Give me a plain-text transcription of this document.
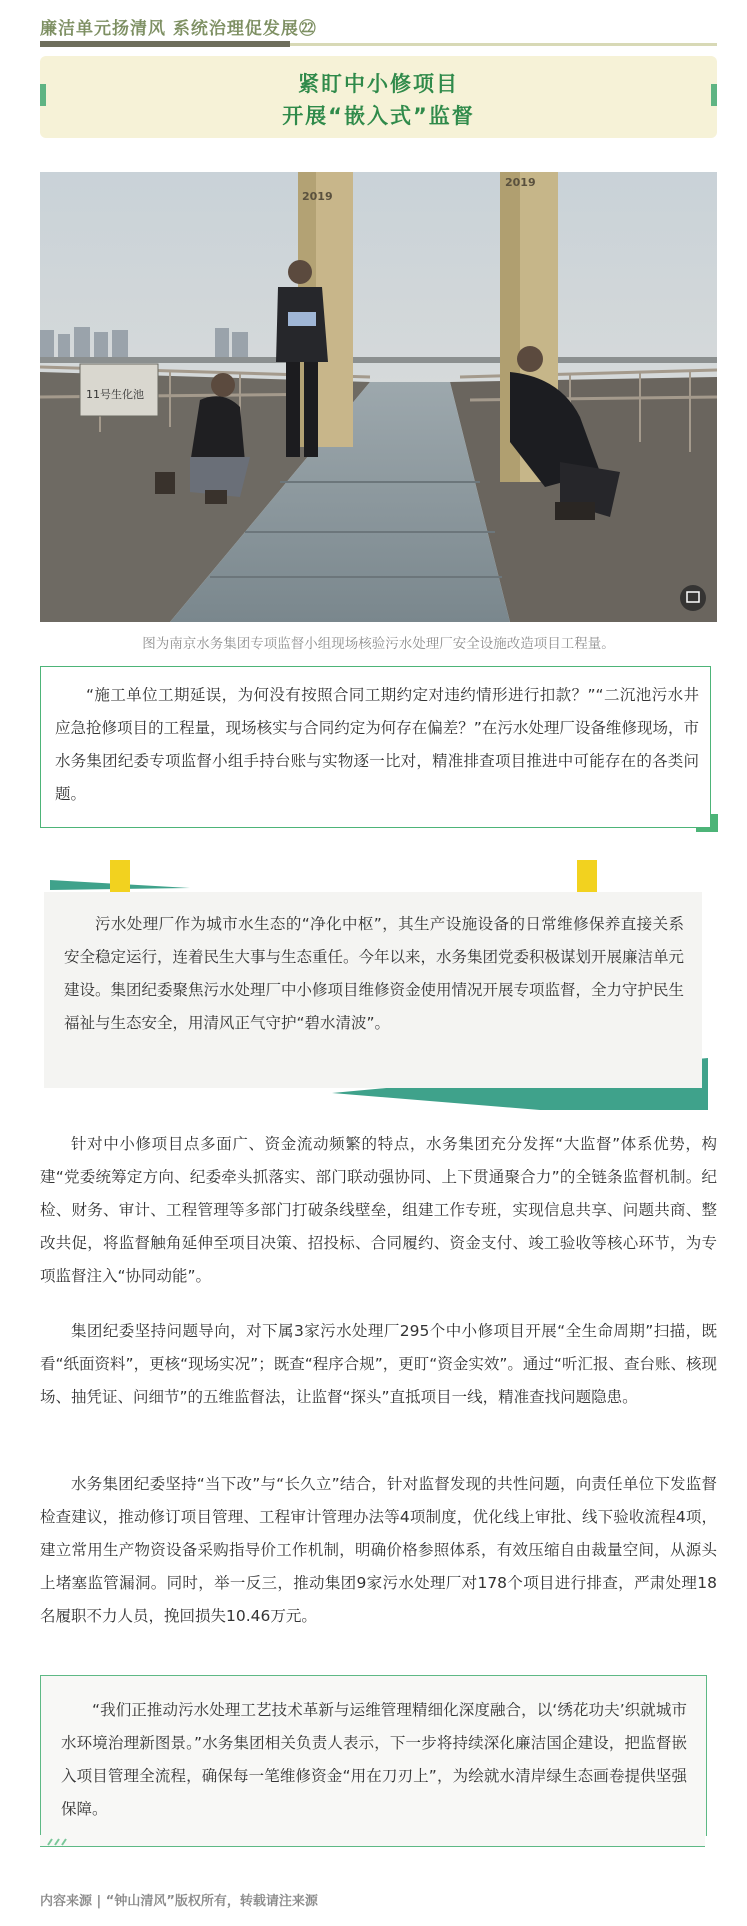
廉洁单元扬清风 系统治理促发展㉒
紧盯中小修项目
开展“嵌入式”监督
2019
2019
11号生化池
图为南京水务集团专项监督小组现场核验污水处理厂安全设施改造项目工程量。

“施工单位工期延误，为何没有按照合同工期约定对违约情形进行扣款？”“二沉池污水井应急抢修项目的工程量，现场核实与合同约定为何存在偏差？”在污水处理厂设备维修现场，市水务集团纪委专项监督小组手持台账与实物逐一比对，精准排查项目推进中可能存在的各类问题。

污水处理厂作为城市水生态的“净化中枢”，其生产设施设备的日常维修保养直接关系安全稳定运行，连着民生大事与生态重任。今年以来，水务集团党委积极谋划开展廉洁单元建设。集团纪委聚焦污水处理厂中小修项目维修资金使用情况开展专项监督，全力守护民生福祉与生态安全，用清风正气守护“碧水清波”。

针对中小修项目点多面广、资金流动频繁的特点，水务集团充分发挥“大监督”体系优势，构建“党委统筹定方向、纪委牵头抓落实、部门联动强协同、上下贯通聚合力”的全链条监督机制。纪检、财务、审计、工程管理等多部门打破条线壁垒，组建工作专班，实现信息共享、问题共商、整改共促，将监督触角延伸至项目决策、招投标、合同履约、资金支付、竣工验收等核心环节，为专项监督注入“协同动能”。

集团纪委坚持问题导向，对下属3家污水处理厂295个中小修项目开展“全生命周期”扫描，既看“纸面资料”，更核“现场实况”；既查“程序合规”，更盯“资金实效”。通过“听汇报、查台账、核现场、抽凭证、问细节”的五维监督法，让监督“探头”直抵项目一线，精准查找问题隐患。

水务集团纪委坚持“当下改”与“长久立”结合，针对监督发现的共性问题，向责任单位下发监督检查建议，推动修订项目管理、工程审计管理办法等4项制度，优化线上审批、线下验收流程4项，建立常用生产物资设备采购指导价工作机制，明确价格参照体系，有效压缩自由裁量空间，从源头上堵塞监管漏洞。同时，举一反三，推动集团9家污水处理厂对178个项目进行排查，严肃处理18名履职不力人员，挽回损失10.46万元。

“我们正推动污水处理工艺技术革新与运维管理精细化深度融合，以‘绣花功夫’织就城市水环境治理新图景。”水务集团相关负责人表示，下一步将持续深化廉洁国企建设，把监督嵌入项目管理全流程，确保每一笔维修资金“用在刀刃上”，为绘就水清岸绿生态画卷提供坚强保障。

内容来源 | “钟山清风”版权所有，转载请注来源
